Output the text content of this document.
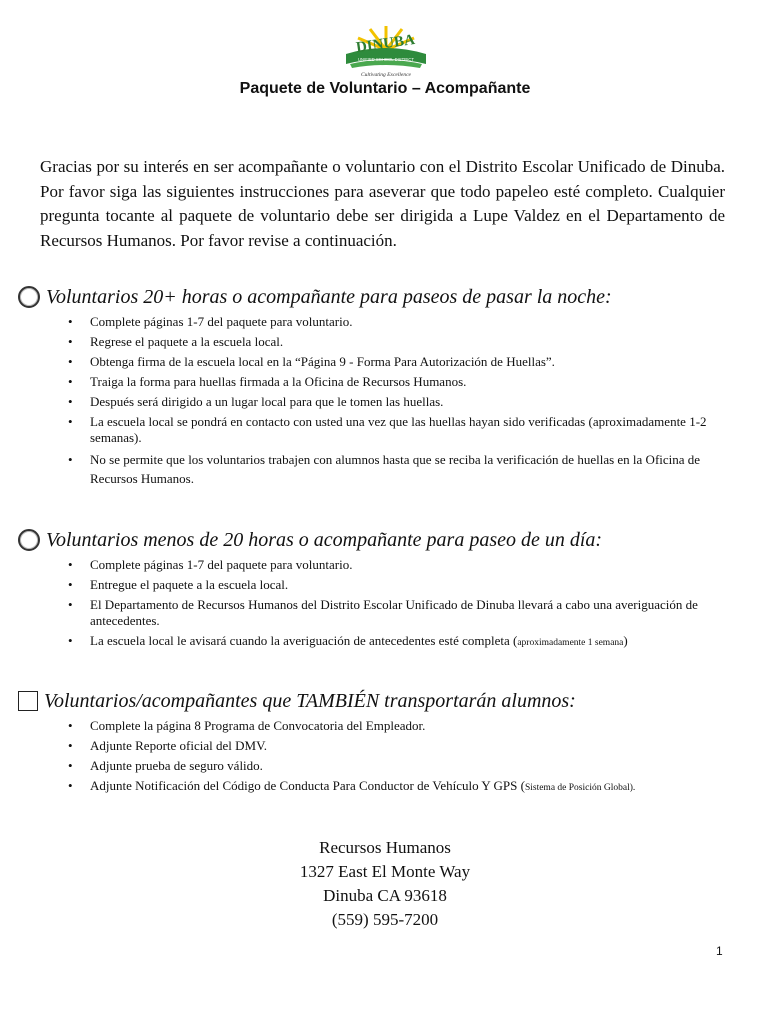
DINUBA
UNIFIED SCHOOL DISTRICT
Cultivating Excellence
Paquete de Voluntario – Acompañante
Gracias por su interés en ser acompañante o voluntario con el Distrito Escolar Unificado de Dinuba. Por favor siga las siguientes instrucciones para aseverar que todo papeleo esté completo. Cualquier pregunta tocante al paquete de voluntario debe ser dirigida a Lupe Valdez en el Departamento de Recursos Humanos. Por favor revise a continuación.
Voluntarios 20+ horas o acompañante para paseos de pasar la noche:
• Complete páginas 1-7 del paquete para voluntario.
• Regrese el paquete a la escuela local.
• Obtenga firma de la escuela local en la “Página 9 - Forma Para Autorización de Huellas”.
• Traiga la forma para huellas firmada a la Oficina de Recursos Humanos.
• Después será dirigido a un lugar local para que le tomen las huellas.
• La escuela local se pondrá en contacto con usted una vez que las huellas hayan sido verificadas (aproximadamente 1-2 semanas).
• No se permite que los voluntarios trabajen con alumnos hasta que se reciba la verificación de huellas en la Oficina de Recursos Humanos.
Voluntarios menos de 20 horas o acompañante para paseo de un día:
• Complete páginas 1-7 del paquete para voluntario.
• Entregue el paquete a la escuela local.
• El Departamento de Recursos Humanos del Distrito Escolar Unificado de Dinuba llevará a cabo una averiguación de antecedentes.
• La escuela local le avisará cuando la averiguación de antecedentes esté completa (aproximadamente 1 semana)
Voluntarios/acompañantes que TAMBIÉN transportarán alumnos:
• Complete la página 8 Programa de Convocatoria del Empleador.
• Adjunte Reporte oficial del DMV.
• Adjunte prueba de seguro válido.
• Adjunte Notificación del Código de Conducta Para Conductor de Vehículo Y GPS (Sistema de Posición Global).
Recursos Humanos
1327 East El Monte Way
Dinuba CA 93618
(559) 595-7200
1
